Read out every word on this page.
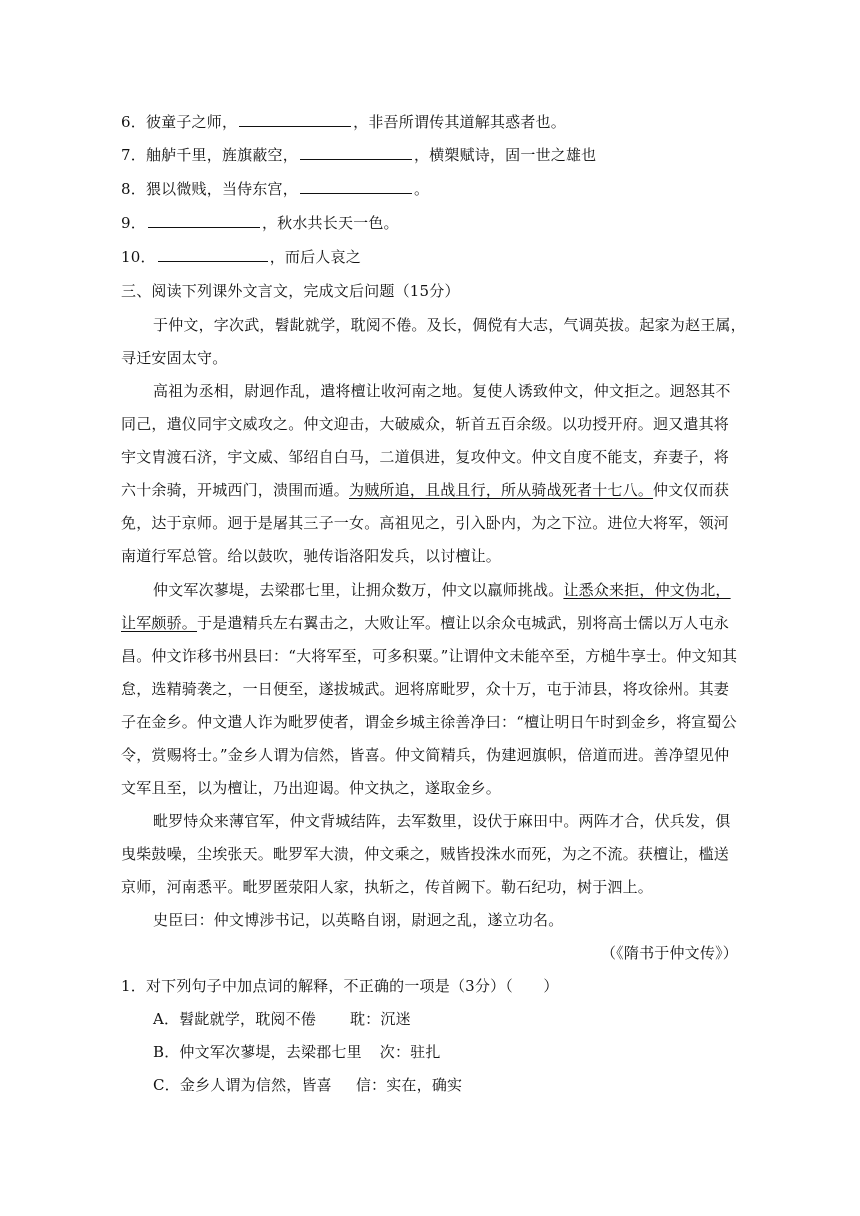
6．彼童子之师，	，非吾所谓传其道解其惑者也。
7．舳舻千里，旌旗蔽空，	，横槊赋诗，固一世之雄也
8．猥以微贱，当侍东宫，	。
9．	，秋水共长天一色。
10．	，而后人哀之
三、阅读下列课外文言文，完成文后问题（15分）
于仲文，字次武，髫龀就学，耽阅不倦。及长，倜傥有大志，气调英拔。起家为赵王属，
寻迁安固太守。
高祖为丞相，尉迥作乱，遣将檀让收河南之地。复使人诱致仲文，仲文拒之。迥怒其不
同己，遣仪同宇文威攻之。仲文迎击，大破威众，斩首五百余级。以功授开府。迥又遣其将
宇文胄渡石济，宇文威、邹绍自白马，二道俱进，复攻仲文。仲文自度不能支，弃妻子，将
六十余骑，开城西门，溃围而遁。为贼所追，且战且行，所从骑战死者十七八。仲文仅而获
免，达于京师。迥于是屠其三子一女。高祖见之，引入卧内，为之下泣。进位大将军，领河
南道行军总管。给以鼓吹，驰传诣洛阳发兵，以讨檀让。
仲文军次蓼堤，去梁郡七里，让拥众数万，仲文以羸师挑战。让悉众来拒，仲文伪北，
让军颇骄。于是遣精兵左右翼击之，大败让军。檀让以余众屯城武，别将高士儒以万人屯永
昌。仲文诈移书州县曰：“大将军至，可多积粟。”让谓仲文未能卒至，方槌牛享士。仲文知其
怠，选精骑袭之，一日便至，遂拔城武。迥将席毗罗，众十万，屯于沛县，将攻徐州。其妻
子在金乡。仲文遣人诈为毗罗使者，谓金乡城主徐善净曰：“檀让明日午时到金乡，将宣蜀公
令，赏赐将士。”金乡人谓为信然，皆喜。仲文简精兵，伪建迥旗帜，倍道而进。善净望见仲
文军且至，以为檀让，乃出迎谒。仲文执之，遂取金乡。
毗罗恃众来薄官军，仲文背城结阵，去军数里，设伏于麻田中。两阵才合，伏兵发，俱
曳柴鼓噪，尘埃张天。毗罗军大溃，仲文乘之，贼皆投洙水而死，为之不流。获檀让，槛送
京师，河南悉平。毗罗匿荥阳人家，执斩之，传首阙下。勒石纪功，树于泗上。
史臣曰：仲文博涉书记，以英略自诩，尉迥之乱，遂立功名。
（《隋书于仲文传》）
1．对下列句子中加点词的解释，不正确的一项是（3分）（　　）
A．髫龀就学，耽阅不倦 耽：沉迷
B．仲文军次蓼堤，去梁郡七里 次：驻扎
C．金乡人谓为信然，皆喜 信：实在，确实
